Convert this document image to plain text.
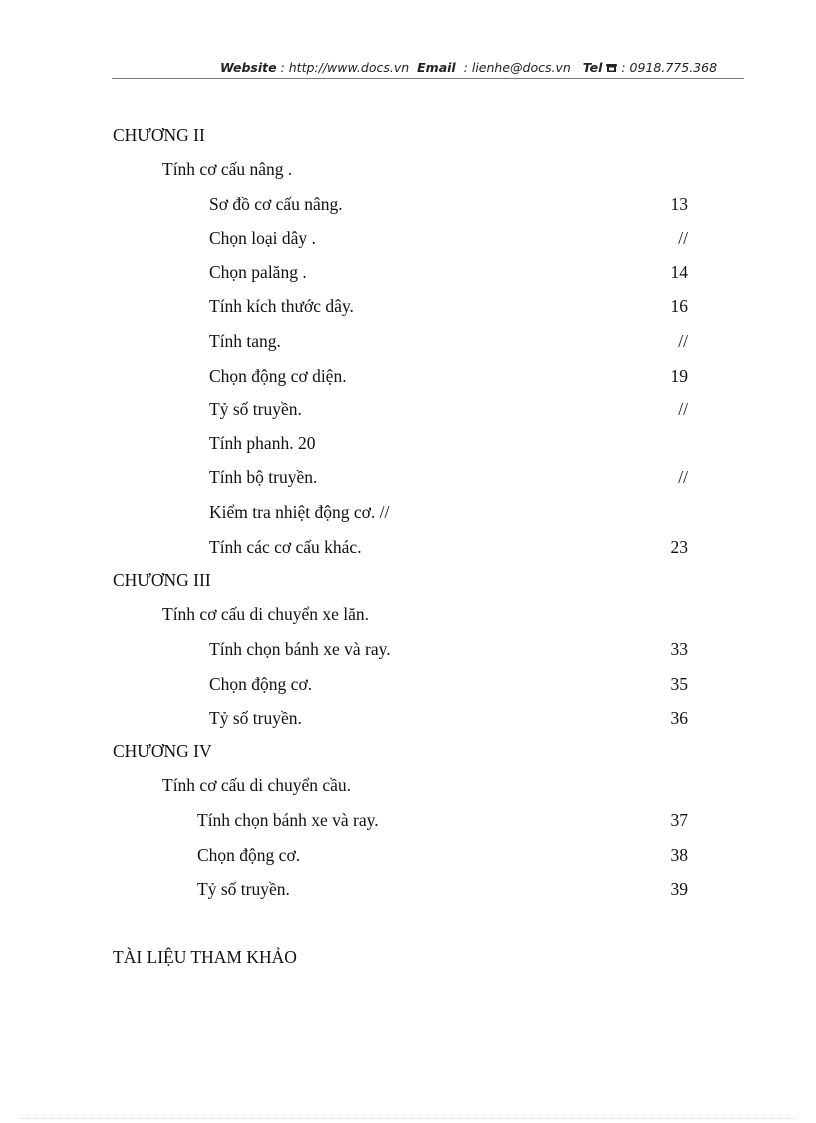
Website : http://www.docs.vn Email : lienhe@docs.vn Tel : 0918.775.368
CHƯƠNG II
Tính cơ cấu nâng .
Sơ đồ cơ cấu nâng.	13
Chọn loại dây .	//
Chọn palăng .	14
Tính kích thước dây.	16
Tính tang.	//
Chọn động cơ diện.	19
Tỷ số truyền.	//
Tính phanh. 20
Tính bộ truyền.	//
Kiểm tra nhiệt động cơ. //
Tính các cơ cấu khác.	23
CHƯƠNG III
Tính cơ cấu di chuyển xe lăn.
Tính chọn bánh xe và ray.	33
Chọn động cơ.	35
Tỷ số truyền.	36
CHƯƠNG IV
Tính cơ cấu di chuyển cầu.
Tính chọn bánh xe và ray.	37
Chọn động cơ.	38
Tỷ số truyền.	39
TÀI LIỆU THAM KHẢO
